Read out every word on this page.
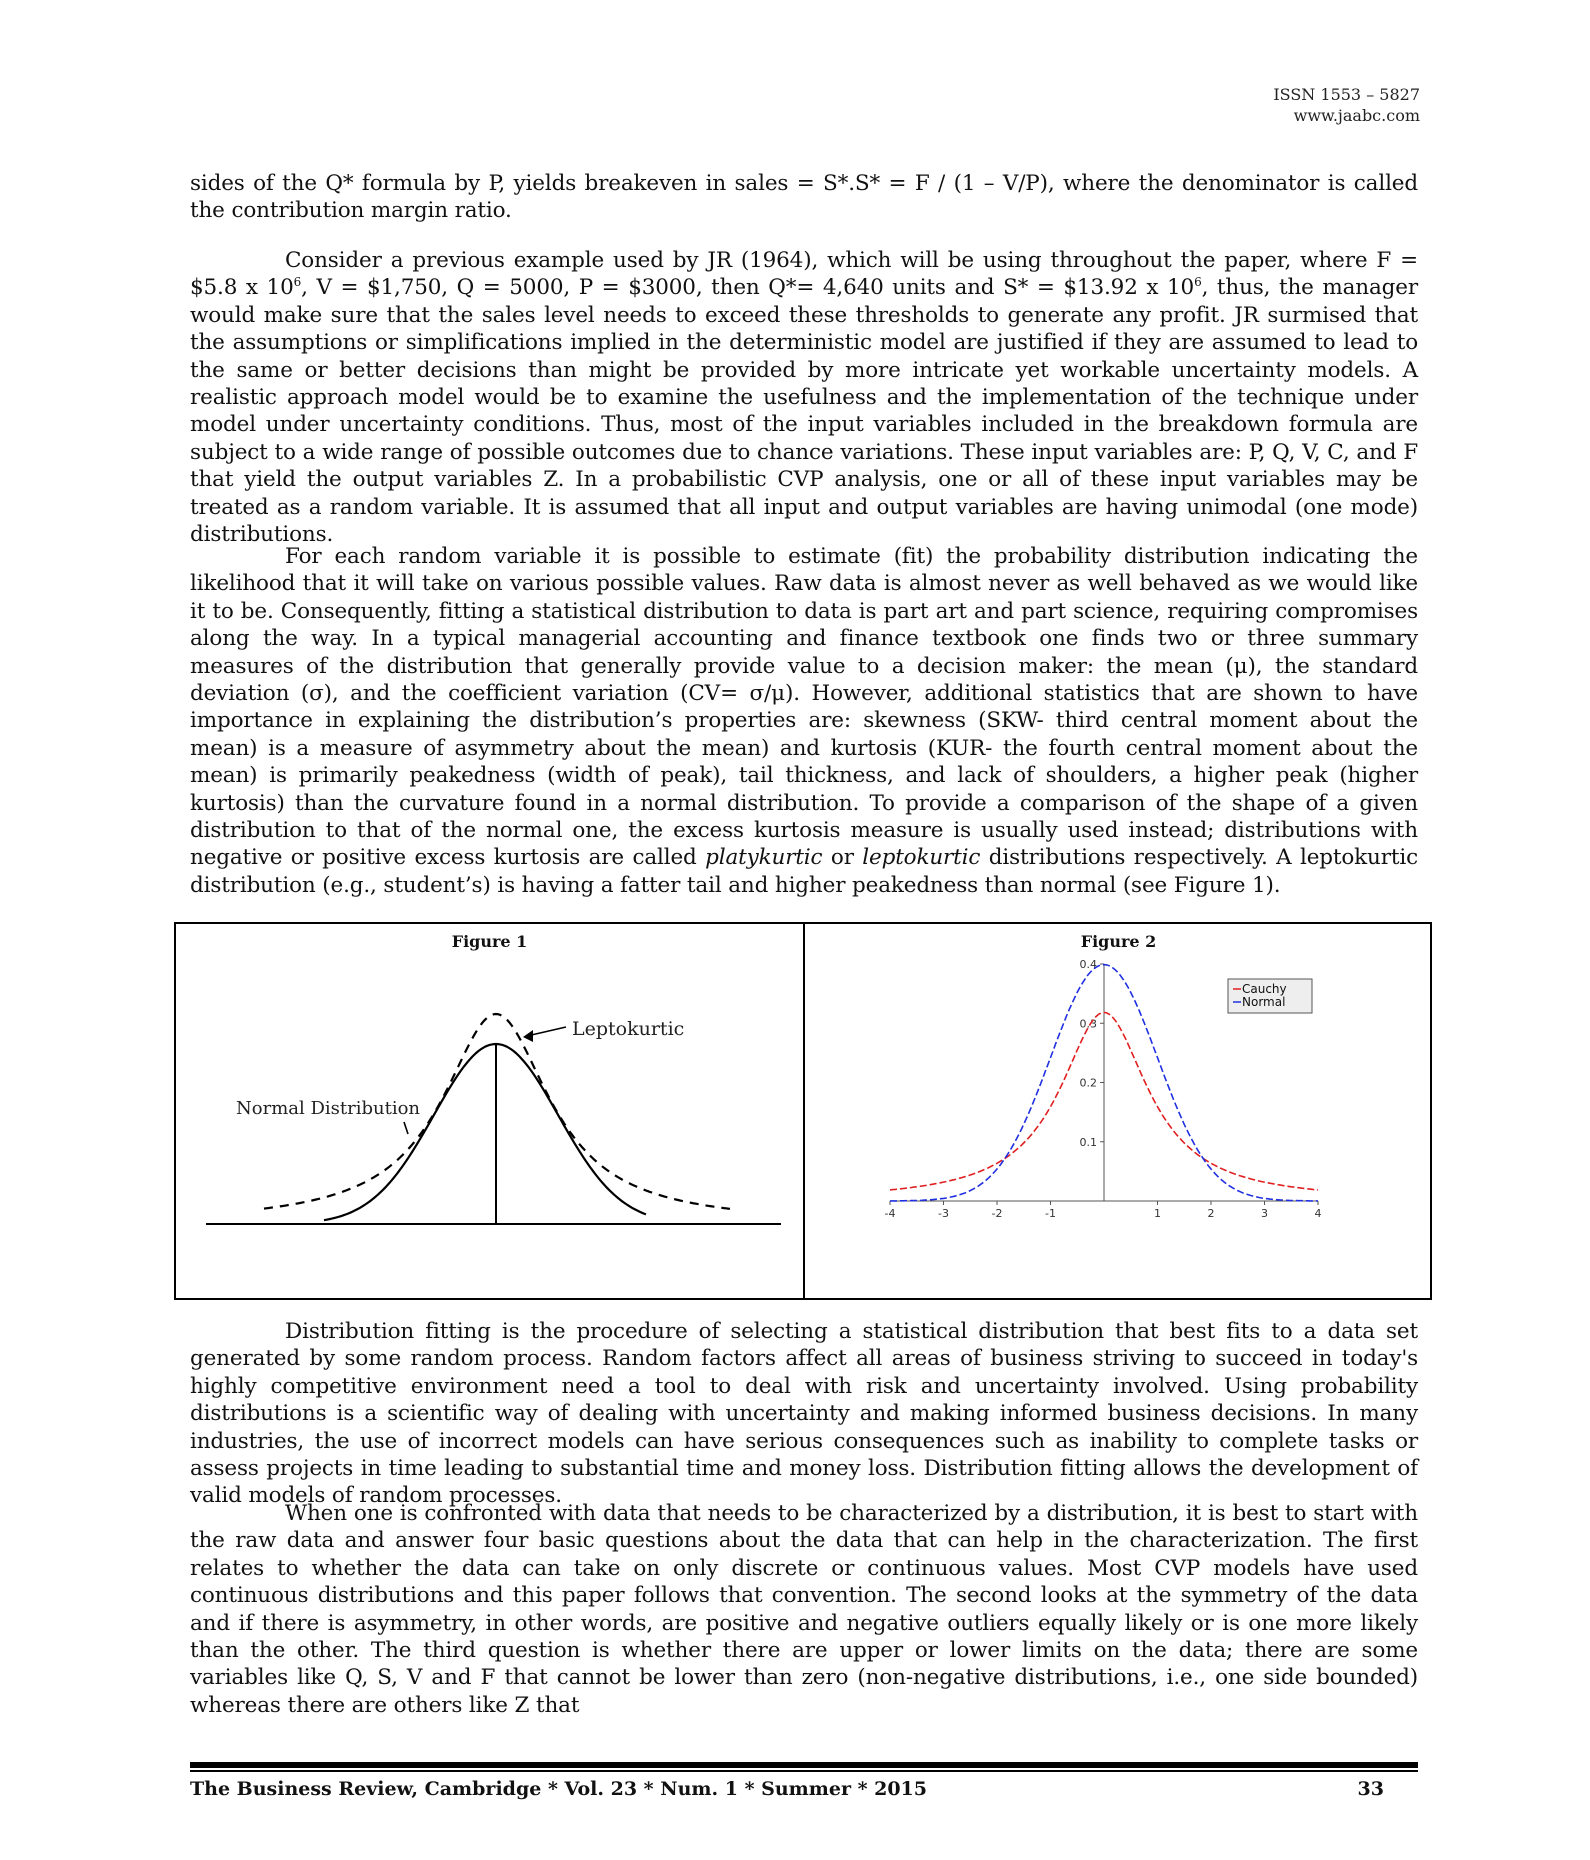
ISSN 1553 – 5827
www.jaabc.com

sides of the Q* formula by P, yields breakeven in sales = S*.S* = F / (1 – V/P), where the denominator is called the contribution margin ratio.

Consider a previous example used by JR (1964), which will be using throughout the paper, where F = $5.8 x $10^6$, V = $1,750, Q = 5000, P = $3000, then Q*= 4,640 units and S* = $13.92 x $10^6$, thus, the manager would make sure that the sales level needs to exceed these thresholds to generate any profit. JR surmised that the assumptions or simplifications implied in the deterministic model are justified if they are assumed to lead to the same or better decisions than might be provided by more intricate yet workable uncertainty models. A realistic approach model would be to examine the usefulness and the implementation of the technique under model under uncertainty conditions. Thus, most of the input variables included in the breakdown formula are subject to a wide range of possible outcomes due to chance variations. These input variables are: P, Q, V, C, and F that yield the output variables Z. In a probabilistic CVP analysis, one or all of these input variables may be treated as a random variable. It is assumed that all input and output variables are having unimodal (one mode) distributions.

For each random variable it is possible to estimate (fit) the probability distribution indicating the likelihood that it will take on various possible values. Raw data is almost never as well behaved as we would like it to be. Consequently, fitting a statistical distribution to data is part art and part science, requiring compromises along the way. In a typical managerial accounting and finance textbook one finds two or three summary measures of the distribution that generally provide value to a decision maker: the mean (μ), the standard deviation (σ), and the coefficient variation (CV= σ/μ). However, additional statistics that are shown to have importance in explaining the distribution’s properties are: skewness (SKW- third central moment about the mean) is a measure of asymmetry about the mean) and kurtosis (KUR- the fourth central moment about the mean) is primarily peakedness (width of peak), tail thickness, and lack of shoulders, a higher peak (higher kurtosis) than the curvature found in a normal distribution. To provide a comparison of the shape of a given distribution to that of the normal one, the excess kurtosis measure is usually used instead; distributions with negative or positive excess kurtosis are called platykurtic or leptokurtic distributions respectively. A leptokurtic distribution (e.g., student’s) is having a fatter tail and higher peakedness than normal (see Figure 1).

Figure 1
Leptokurtic
Normal Distribution
Figure 2
-4	-3	-2	-1	1	2	3	4
0.1
0.2
0.3
0.4
Cauchy
Normal

Distribution fitting is the procedure of selecting a statistical distribution that best fits to a data set generated by some random process. Random factors affect all areas of business striving to succeed in today's highly competitive environment need a tool to deal with risk and uncertainty involved. Using probability distributions is a scientific way of dealing with uncertainty and making informed business decisions. In many industries, the use of incorrect models can have serious consequences such as inability to complete tasks or assess projects in time leading to substantial time and money loss. Distribution fitting allows the development of valid models of random processes.

When one is confronted with data that needs to be characterized by a distribution, it is best to start with the raw data and answer four basic questions about the data that can help in the characterization. The first relates to whether the data can take on only discrete or continuous values. Most CVP models have used continuous distributions and this paper follows that convention. The second looks at the symmetry of the data and if there is asymmetry, in other words, are positive and negative outliers equally likely or is one more likely than the other. The third question is whether there are upper or lower limits on the data; there are some variables like Q, S, V and F that cannot be lower than zero (non-negative distributions, i.e., one side bounded) whereas there are others like Z that

The Business Review, Cambridge * Vol. 23 * Num. 1 * Summer * 2015	33
